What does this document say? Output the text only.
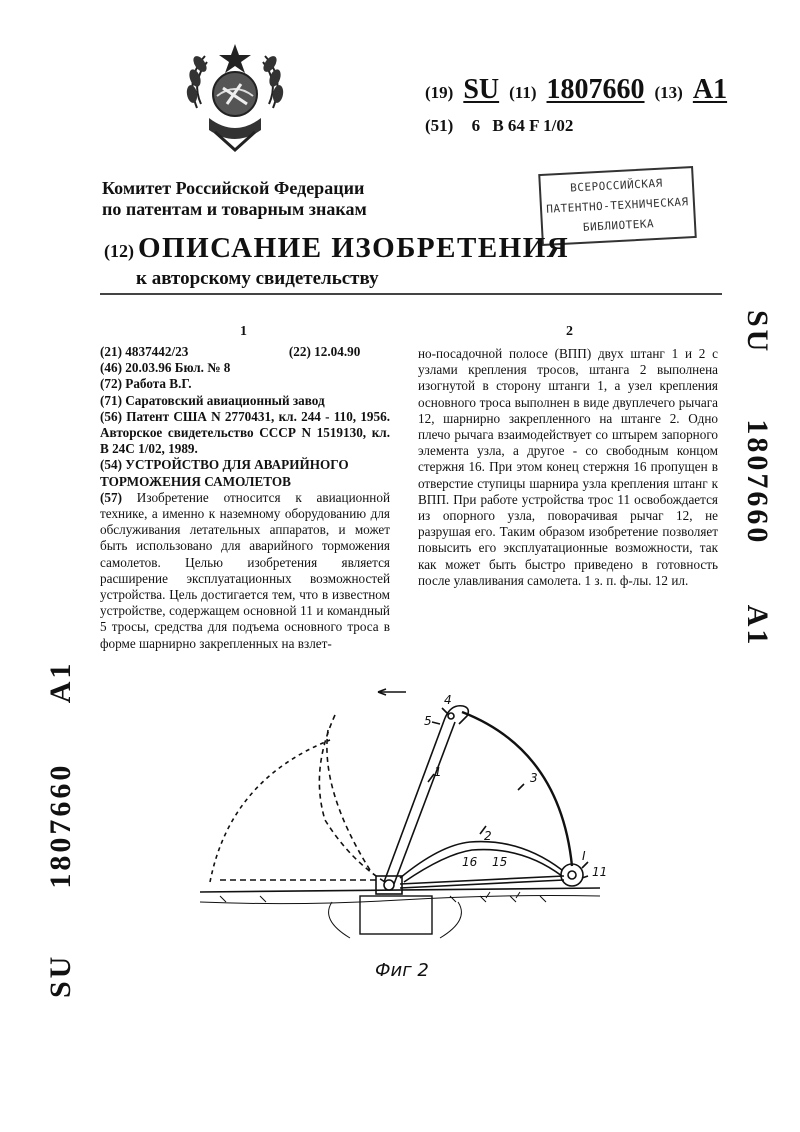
(19) SU (11) 1807660 (13) A1
(51) 6 B 64 F 1/02
Комитет Российской Федерации
по патентам и товарным знакам
ВСЕРОССИЙСКАЯ
ПАТЕНТНО-ТЕХНИЧЕСКАЯ
БИБЛИОТЕКА
(12) ОПИСАНИЕ ИЗОБРЕТЕНИЯ
к авторскому свидетельству
1	2
(21) 4837442/23	(22) 12.04.90
(46) 20.03.96 Бюл. № 8
(72) Работа В.Г.
(71) Саратовский авиационный завод
(56) Патент США N 2770431, кл. 244 - 110, 1956. Авторское свидетельство СССР N 1519130, кл. В 24С 1/02, 1989.
(54) УСТРОЙСТВО ДЛЯ АВАРИЙНОГО ТОРМОЖЕНИЯ САМОЛЕТОВ
(57) Изобретение относится к авиационной технике, а именно к наземному оборудованию для обслуживания летательных аппаратов, и может быть использовано для аварийного торможения самолетов. Целью изобретения является расширение эксплуатационных возможностей устройства. Цель достигается тем, что в известном устройстве, содержащем основной 11 и командный 5 тросы, средства для подъема основного троса в форме шарнирно закрепленных на взлет-
но-посадочной полосе (ВПП) двух штанг 1 и 2 с узлами крепления тросов, штанга 2 выполнена изогнутой в сторону штанги 1, а узел крепления основного троса выполнен в виде двуплечего рычага 12, шарнирно закрепленного на штанге 2. Одно плечо рычага взаимодействует со штырем запорного элемента узла, а другое - со свободным концом стержня 16. При этом конец стержня 16 пропущен в отверстие ступицы шарнира узла крепления штанг к ВПП. При работе устройства трос 11 освобождается из опорного узла, поворачивая рычаг 12, не разрушая его. Таким образом изобретение позволяет повысить его эксплуатационные возможности, так как может быть быстро приведено в готовность после улавливания самолета. 1 з. п. ф-лы. 12 ил.
SU  1807660  A1
SU  1807660  A1	4
5
1	3
2
16 15	I
11
Фиг 2
